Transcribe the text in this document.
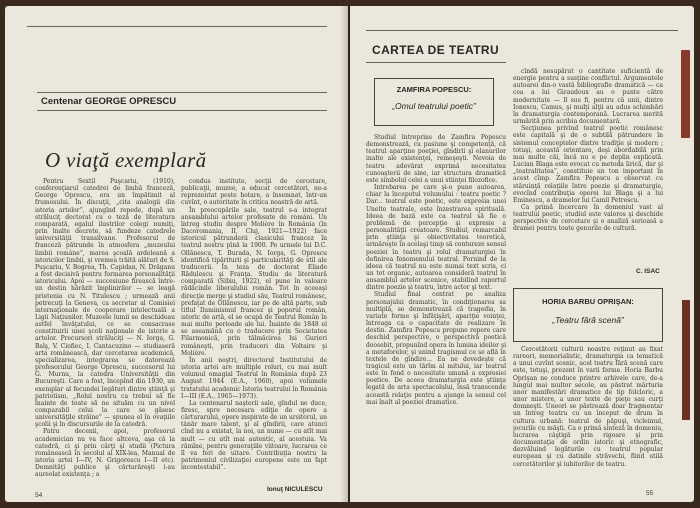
Centenar GEORGE OPRESCU
O viaţă exemplară

Pentru Sextil Puşcariu, (1910), conferenţiarul catedrei de limbă franceză, George Oprescu, era un împătimit al frumosului. În discuţii, „cita analogii din istoria artelor”, ajungînd repede, după un străluciţ doctorat cu o teză de literatura comparată, egalul ilustrilor colegi numiţi, prin înalte decrete, să fundeze catedrele universităţii transilvane. Profesorul de franceză pătrunde în atmosfera „muzeului limbii române”, marea şcoală ardeleană a istoricilor limbii, şi vremea trăită alături de S. Puşcariu, V. Bogrea, Th. Capidan, N. Drăganu a fost decisivă pentru formarea personalităţii istoricului. Apoi — succesiune firească între-un destin hărăzit împlinirilor — se leagă prietenia cu N. Titulescu ; urmează anii petrecuţi la Geneva, ca secretar al Comisiei internaţionale de cooperare intelectuală a Ligii Naţiunilor. Muzeele lumii se deschideau astfel învăţatului, ce se consacrase constituirii unei şcoli naţionale de istorie a artelor. Precursori străluciţi — N. Iorga, G. Balş, V. Ciofiec, I. Cantacuzino — studiaseră arta românească, dar cercetarea academică, specializarea, integrarea se datorează profesorului George Oprescu, succesorul lui G. Murnu, la catedra Universităţii din Bucureşti. Care a fost, începînd din 1930, un exemplar al fecundei legături dintre ştiinţă şi patriotism, „Rolul nostru ca trebui să fie înainte de toate să ne situăm cu un nivel comparabil celui la care se găsesc universităţile străine” — spunea el în ovaţiile şcolii şi în discursurile de la catedră.

Patru decenii, apoi, profesorul academician nu va face altceva, aşa că la catedră, ci şi prin cărţi şi studii (Pictura românească în secolul al XIX-lea, Manual de istoria artei I—IV, N. Grigorescu I—II etc). Demnităţi publice şi cărturăreşti i-au aureolat existenţa ; a

condus institute, secţii de cercetare, publicaţii, muzee, a educat cercetători, ne-a reprezentat peste hotare, a însemnat, într-un cuvînt, o autoritate în critica noastră de artă.

În preocupările sale, teatrul s-a integrat ansamblului artelor profesate de români. Un întreg studiu despre Molière în România (în Dacoromania, II, Cluj, 1921—1922) face istoricul pătrunderii clasicului francez în teatrul nostru pînă la 1900. Pe urmele lui D.C. Ollănescu, T. Burada, N. Iorga, G. Oprescu identifică tipăriturii şi particularităţi de stil ale traducerii. În teza de doctorat Eliade Rădulescu şi Franţa. Studiu de literatură comparată (Sibiu, 1922), el pune în valoare rădăcinile liberalului român. Tot în aceeaşi direcţie merge şi studiul său, Teatrul românesc, prefaţat de Ollănescu, iar pe de altă parte, sub titlul Iluminismul francez şi poporul român, istoric de artă, el se ocupă de Teatrul Român în mai multe perioade ale lui. Înainte de 1848 el se aseamănă cu o traducere prin Societatea Filarmonică, prin tălmăcirea lui Gurieri româneşti, prin traduceri din Voltaire şi Molière.

În anii noştri, directorul Institutului de istoria artei are multiple roluri, cu mai mult volumul omagial Teatrul în România după 23 August 1944 (E.A., 1960), apoi volumele tratatului academic Istoria teatrului în România I—III (E.A., 1965—1973).

La centenarul naşterii sale, gîndul ne duce, firesc, spre necesara ediţie de opere a cărturarului, opere inspirate de un ursitorul, un tânăr mare talent, şi al gîndirii, care atunci cînd nu a existat, la noi, un nume — cu atît mai mult — cu atît mai autentic, al acestuia. Va rămîne, pentru generaţiile viitoare, lucrarea ce îl va feri de uitare. Contribuţia nostru la patrimoniul civilizaţiei europene este un fapt incontestabil”.

Ionuţ NICULESCU
54
CARTEA DE TEATRU
ZAMFIRA POPESCU:
„Omul teatrului poetic”

Studiul întreprins de Zamfira Popescu demonstrează, cu pasiune şi competenţă, că teatrul aparţine poeţiei, gîndirii şi elanurilor inalte ale existenţei, remeşeşti. Nevoia de teatru adevărat exprimă necesitatea cunoaşterii de sine, iar structura dramatică este simbolul celei a unui stiinţei filozofice.

Intrebarea pe care şi-o pune autoarea, chiar la începutul volumului : teatru poetic ? Dar... teatrul este poetic, este expresia unei Unelte teatrale, este înzestrarea spirituală. Ideea de bază este ca teatrul să fie o problemă de percepţie şi expresie a personalităţii creatoare. Studiul, remarcabil prin ştiinţa şi obiectivitatea teoretică, urmăreşte în acelaşi timp să contureze sensul poeziei în teatru şi rolul dramaturgiei în definirea fenomenului teatral. Pornind de la ideea că teatrul nu este numai text scris, ci un tot organic, autoarea consideră teatrul în ansamblul artelor scenice, stabilind raportul dintre poezie şi teatru, între actor şi text.

Studiul final centrat pe analiza personajului dramatic, în condiţionarea sa multiplă, se demonstrează că tragedia, în variate forme şi înfăţişări, apariţie voinţei, întreaga ca o capacitate de realizare în destin. Zamfira Popescu propune repere care deschid perspective, o perspectivă poetică deosebit, propunînd opera în lumina ideilor şi a metaforelor, şi unind tragismul ce se află în textele de gîndire... Ea ne dovedeşte că tragicul este un tărîm al mitului, iar teatrul este în fond o necesitate umană a expresiei poetice. De aceea dramaturgia este ştiinţa legată de arta spectacolului, însă transcende această relaţie pentru a ajunge la sensul cel mai înalt al poeziei dramatice.

cîndă nesupărat o cantitate suficientă de energie pentru a susţine conflictul. Argumentele autoarei din-o vastă bibliografie dramatică — ca cea a lui Giraudoux au o punte către modernitate — Il sus fi, pentru că unii, dintre Ionescu, Camus, şi mulţi alţii au adus schimbări în dramaturgia contemporană. Lucrarea merită urmărită prin acribia documentară.

Secţiunea privind teatrul poetic românesc este capitală şi de o subtilă pătrundere în sistemul conceptelor dintre tradiţie şi modern ; totuşi, această orientare, deşi abordabilă prin mai multe căi, încă nu e pe deplin explicată. Lucian Blaga este evocat cu metoda lirică, dar şi „teatralitatea”, constituie un ton important în acest cîmp. Zamfira Popescu a observat cu stăruinţă relaţiile între poezie şi dramaturgie, evocînd contribuţia operei lui Blaga şi a lui Eminescu, a dramelor lui Camil Petrescu.

Ca primă încercare în domeniul vast al teatrului poetic, studiul este valoros şi deschide perspective de cercetare şi o analiză serioasă a dramei pentru toate genurile de cultură.

C. ISAC
HORIA BARBU OPRIŞAN:
„Teatru fără scenă”

Cercetătorii culturii noastre reţinut au fixat rareori, memorialistic, dramaturgia ca tematică a unui cuvînt scenic, acel teatru fără scenă care este, totuşi, prezent în varii forme. Horia Barbu Oprişan ne conduce printre arhivele care, de-a lungul mai multor secole, au păstrat mărturia unor manifestări dramatice de tip folcloric, a unor mistere, a unor texte de pieţe sau curţi domneşti. Uneori se păstrează doar fragmentar un întreg teatru cu un început de drum în cultura urbană: teatrul de păpuşi, vicleimul, jocurile cu măşti. Ca o primă sinteză în domeniu, lucrarea câştigă prin rigoare şi prin documentaţia de ordin istoric şi etnografic, dezvăluind legăturile cu teatrul popular european şi cu datinile străvechi, fiind utilă cercetătorilor şi iubitorilor de teatru.

55
